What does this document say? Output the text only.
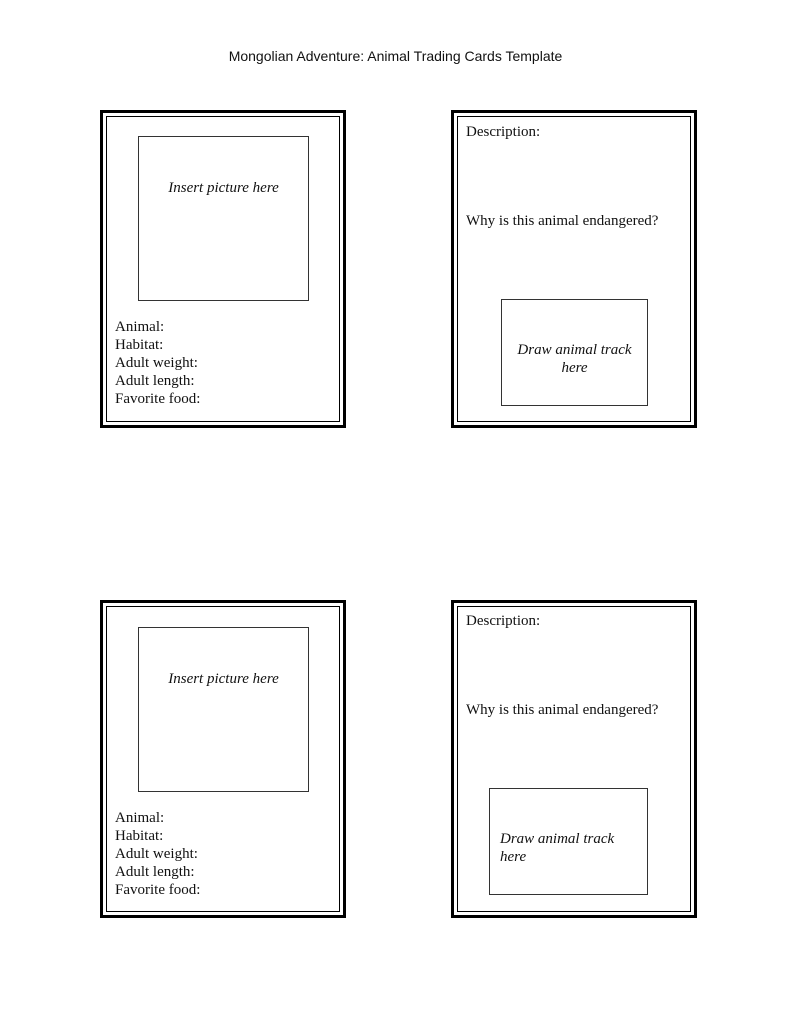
Mongolian Adventure: Animal Trading Cards Template
Insert picture here
Animal:
Habitat:
Adult weight:
Adult length:
Favorite food:
Description:
Why is this animal endangered?
Draw animal track
here
Insert picture here
Animal:
Habitat:
Adult weight:
Adult length:
Favorite food:
Description:
Why is this animal endangered?
Draw animal track
here
